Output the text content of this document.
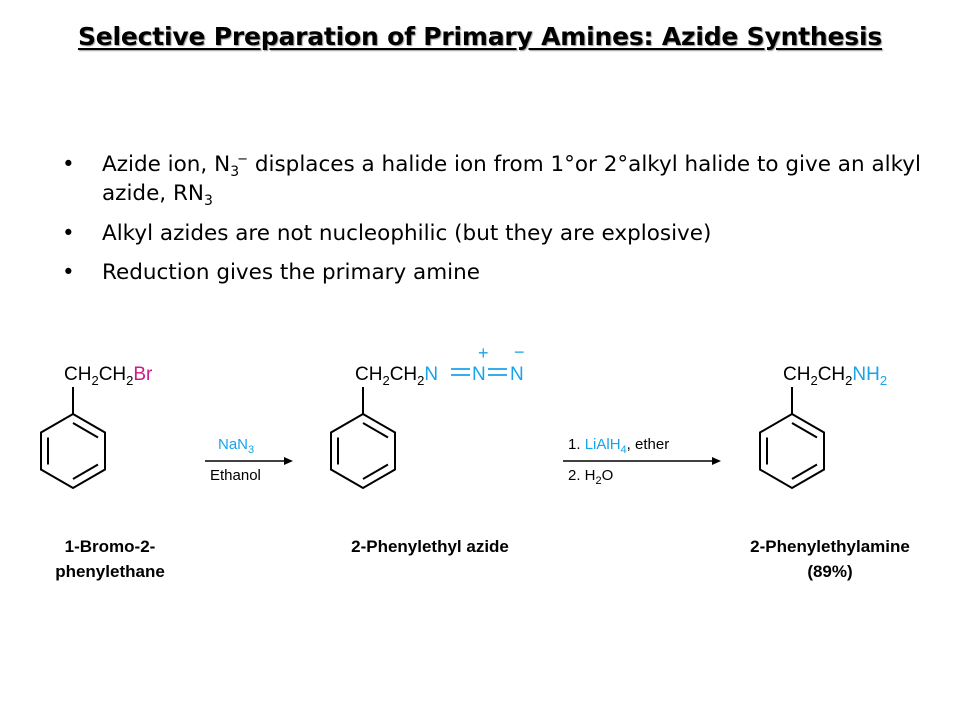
Selective Preparation of Primary Amines: Azide Synthesis
• Azide ion, $N_3^-$ displaces a halide ion from 1°or 2°alkyl halide to give an alkyl azide, $RN_3$
• Alkyl azides are not nucleophilic (but they are explosive)
• Reduction gives the primary amine
$CH_2CH_2Br$
NaN$_3$
Ethanol
$CH_2CH_2N$ N N
+ −
1. LiAlH$_4$, ether
2. $H_2O$
$CH_2CH_2NH_2$
1-Bromo-2-
phenylethane
2-Phenylethyl azide	2-Phenylethylamine
(89%)
